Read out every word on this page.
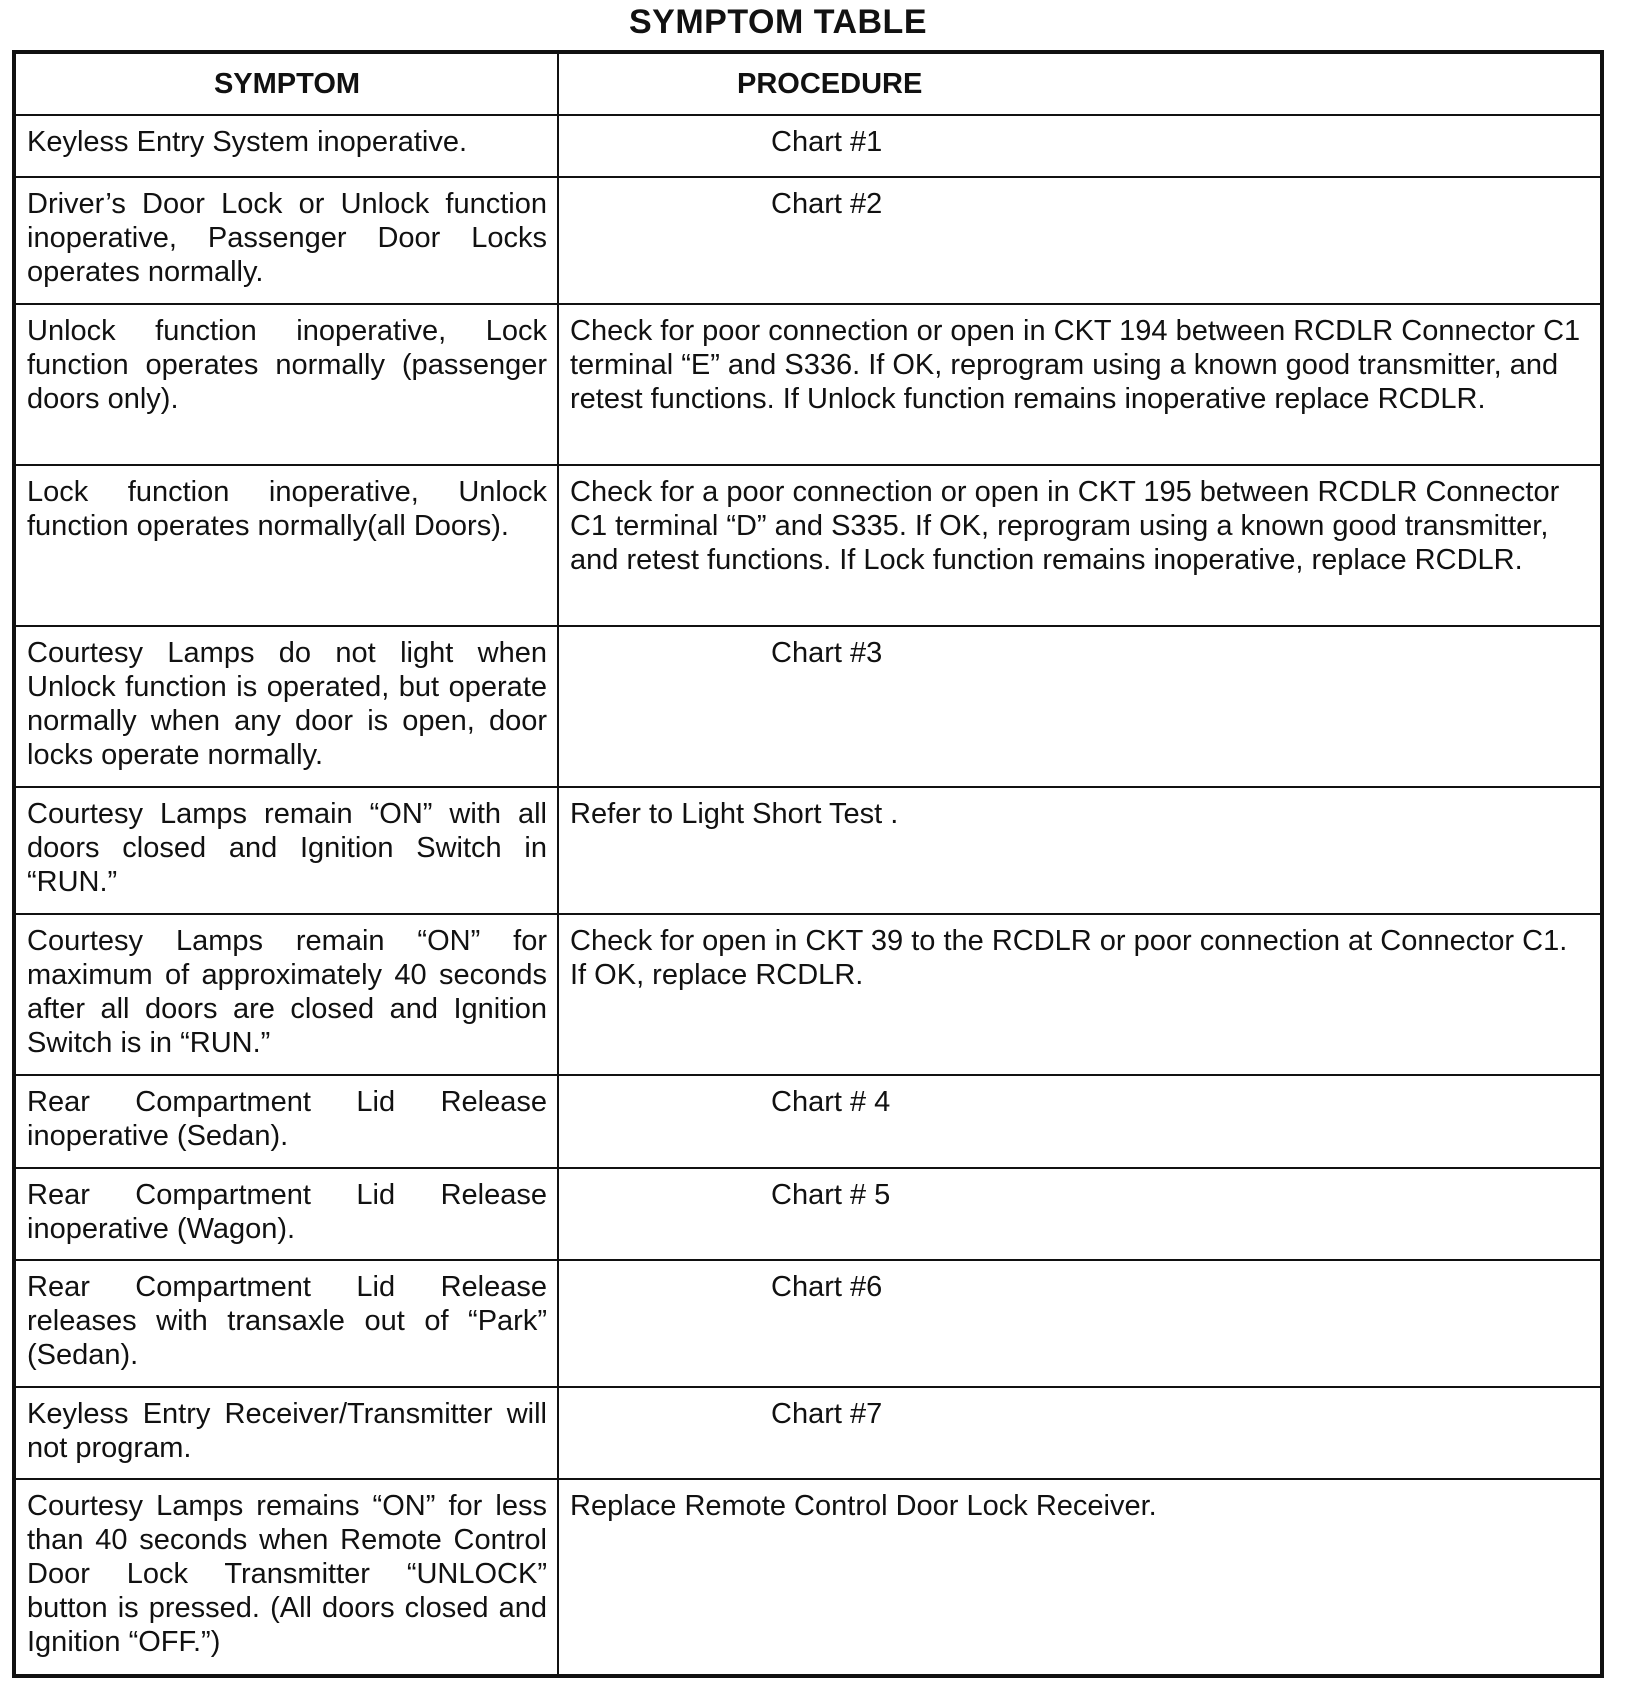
SYMPTOM TABLE
SYMPTOM	PROCEDURE
Keyless Entry System inoperative.	Chart #1
Driver’s Door Lock or Unlock function inoperative, Passenger Door Locks operates normally.	Chart #2
Unlock function inoperative, Lock function operates normally (passenger doors only).	Check for poor connection or open in CKT 194 between RCDLR Connector C1 terminal “E” and S336. If OK, reprogram using a known good transmitter, and retest functions. If Unlock function remains inoperative replace RCDLR.
Lock function inoperative, Unlock function operates normally(all Doors).	Check for a poor connection or open in CKT 195 between RCDLR Connector C1 terminal “D” and S335. If OK, reprogram using a known good transmitter, and retest functions. If Lock function remains inoperative, replace RCDLR.
Courtesy Lamps do not light when Unlock function is operated, but operate normally when any door is open, door locks operate normally.	Chart #3
Courtesy Lamps remain “ON” with all doors closed and Ignition Switch in “RUN.”	Refer to Light Short Test .
Courtesy Lamps remain “ON” for maximum of approximately 40 seconds after all doors are closed and Ignition Switch is in “RUN.”	Check for open in CKT 39 to the RCDLR or poor connection at Connector C1. If OK, replace RCDLR.
Rear Compartment Lid Release inoperative (Sedan).	Chart # 4
Rear Compartment Lid Release inoperative (Wagon).	Chart # 5
Rear Compartment Lid Release releases with transaxle out of “Park” (Sedan).	Chart #6
Keyless Entry Receiver/Transmitter will not program.	Chart #7
Courtesy Lamps remains “ON” for less than 40 seconds when Remote Control Door Lock Transmitter “UNLOCK” button is pressed. (All doors closed and Ignition “OFF.”)	Replace Remote Control Door Lock Receiver.
